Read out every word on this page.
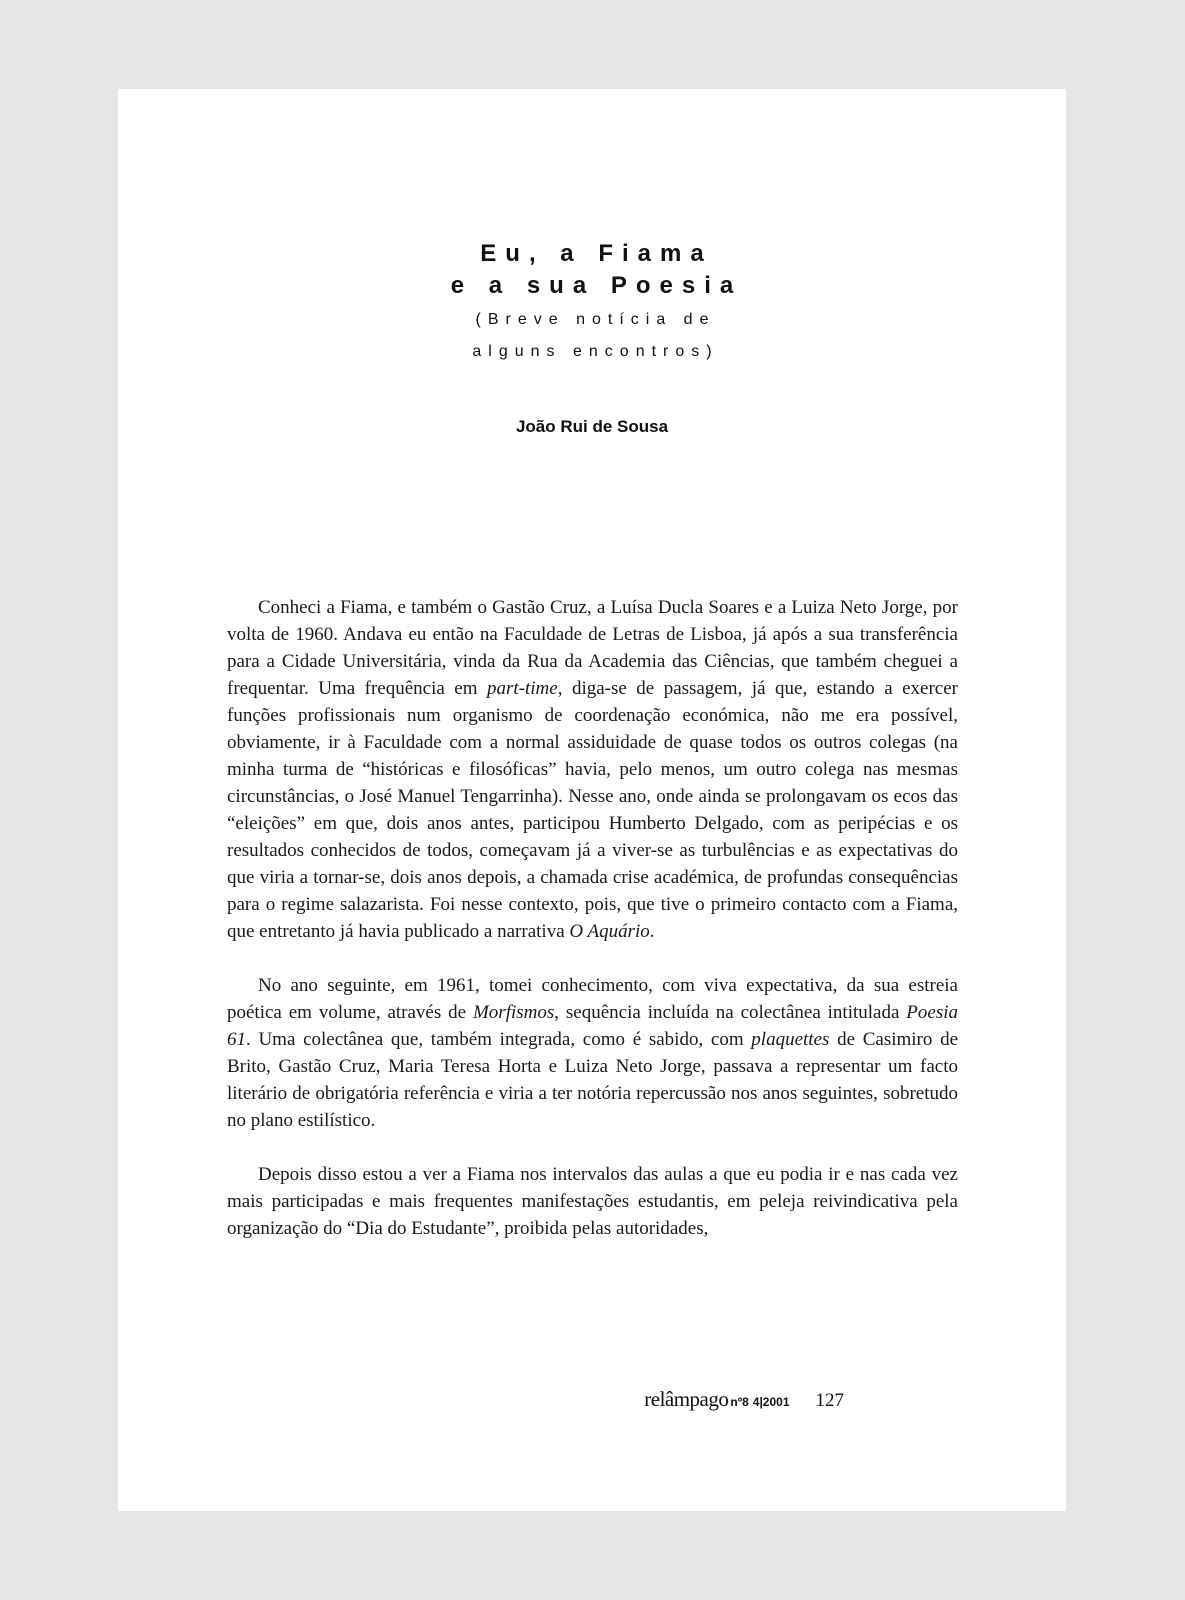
Eu, a Fiama
e a sua Poesia
(Breve notícia de
alguns encontros)
João Rui de Sousa

Conheci a Fiama, e também o Gastão Cruz, a Luísa Ducla Soares e a Luiza Neto Jorge, por volta de 1960. Andava eu então na Faculdade de Letras de Lisboa, já após a sua transferência para a Cidade Universitária, vinda da Rua da Academia das Ciências, que também cheguei a frequentar. Uma frequência em part-time, diga-se de passagem, já que, estando a exercer funções profissionais num organismo de coordenação económica, não me era possível, obviamente, ir à Faculdade com a normal assiduidade de quase todos os outros colegas (na minha turma de “históricas e filosóficas” havia, pelo menos, um outro colega nas mesmas circunstâncias, o José Manuel Tengarrinha). Nesse ano, onde ainda se prolongavam os ecos das “eleições” em que, dois anos antes, participou Humberto Delgado, com as peripécias e os resultados conhecidos de todos, começavam já a viver-se as turbulências e as expectativas do que viria a tornar-se, dois anos depois, a chamada crise académica, de profundas consequências para o regime salazarista. Foi nesse contexto, pois, que tive o primeiro contacto com a Fiama, que entretanto já havia publicado a narrativa O Aquário.

No ano seguinte, em 1961, tomei conhecimento, com viva expectativa, da sua estreia poética em volume, através de Morfismos, sequência incluída na colectânea intitulada Poesia 61. Uma colectânea que, também integrada, como é sabido, com plaquettes de Casimiro de Brito, Gastão Cruz, Maria Teresa Horta e Luiza Neto Jorge, passava a representar um facto literário de obrigatória referência e viria a ter notória repercussão nos anos seguintes, sobretudo no plano estilístico.

Depois disso estou a ver a Fiama nos intervalos das aulas a que eu podia ir e nas cada vez mais participadas e mais frequentes manifestações estudantis, em peleja reivindicativa pela organização do “Dia do Estudante”, proibida pelas autoridades,

relâmpago nº8 4|2001 127
